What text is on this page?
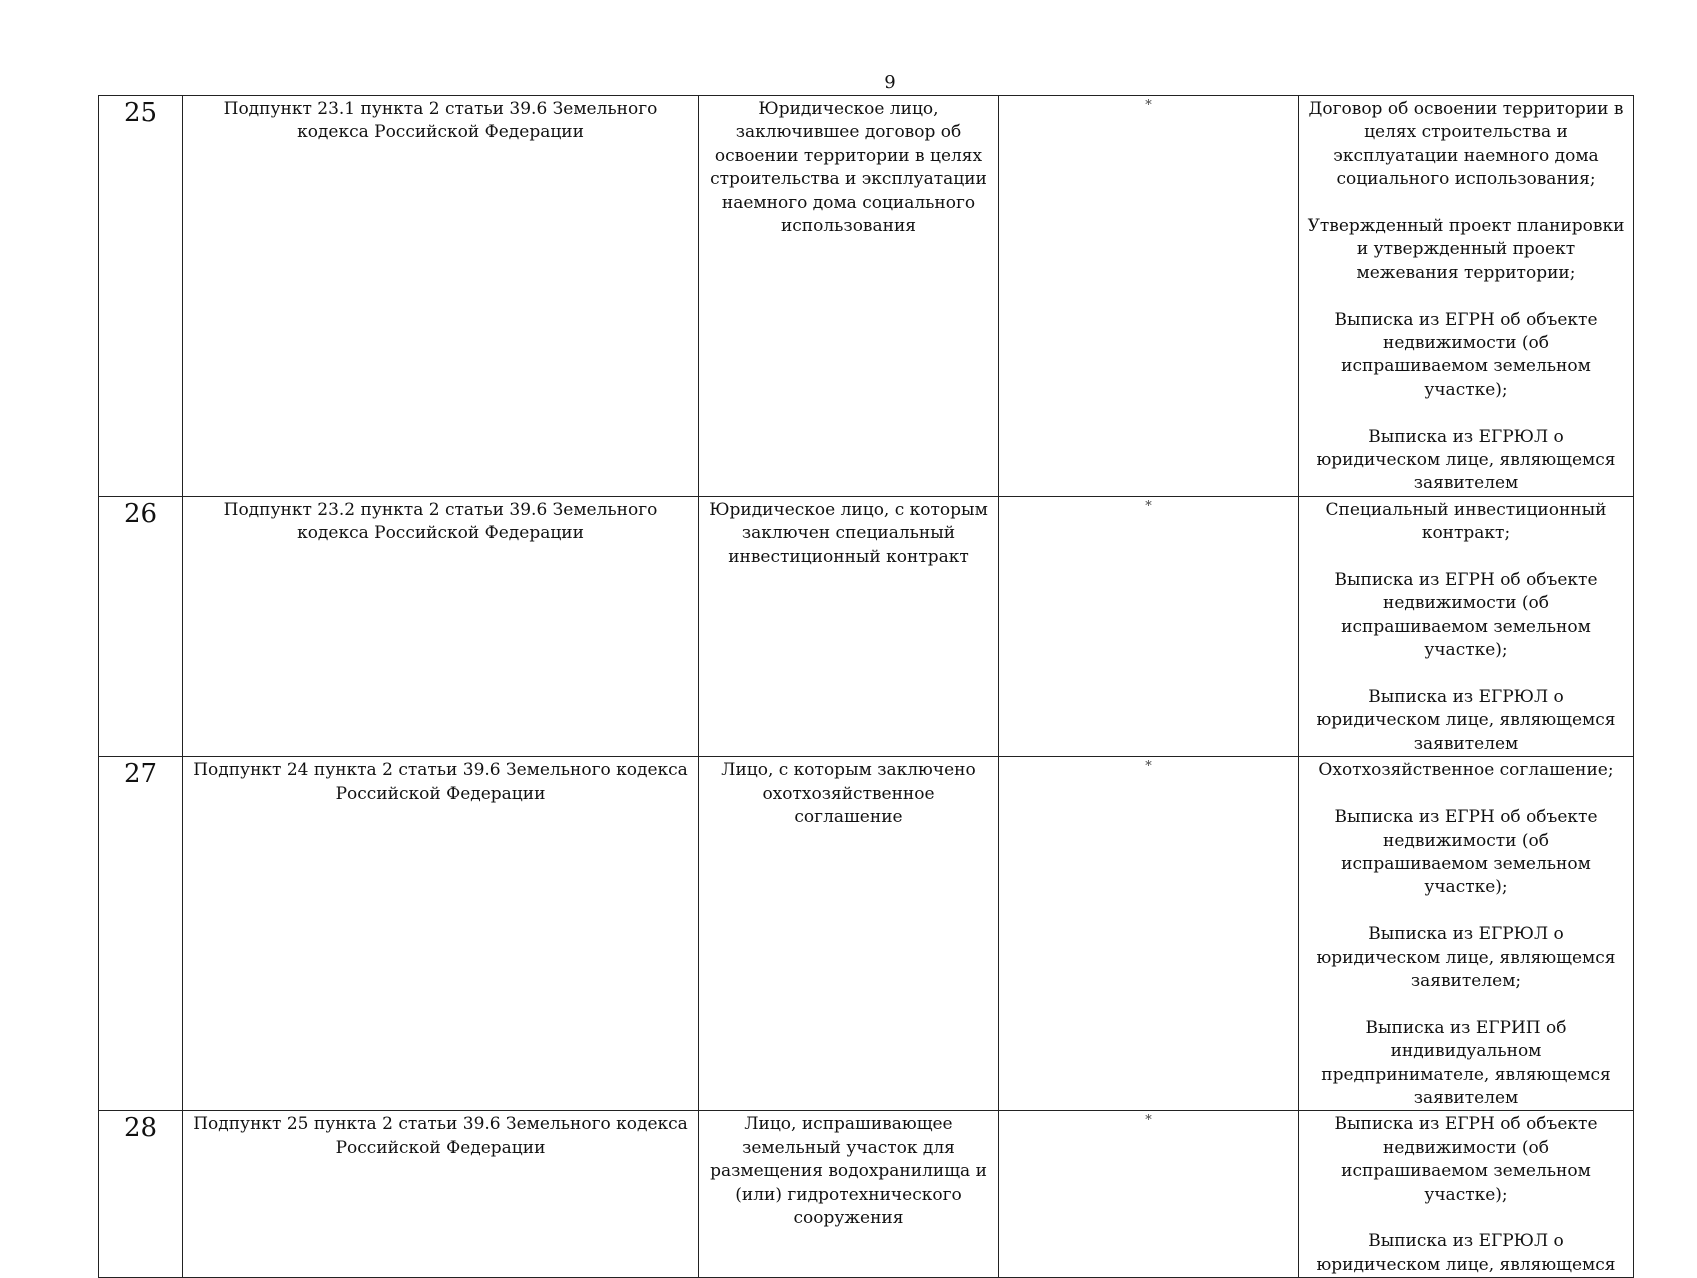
9
25	Подпункт 23.1 пункта 2 статьи 39.6 Земельного кодекса Российской Федерации	Юридическое лицо, заключившее договор об освоении территории в целях строительства и эксплуатации наемного дома социального использования	*	Договор об освоении территории в целях строительства и эксплуатации наемного дома социального использования;
Утвержденный проект планировки и утвержденный проект межевания территории;
Выписка из ЕГРН об объекте недвижимости (об испрашиваемом земельном участке);
Выписка из ЕГРЮЛ о юридическом лице, являющемся заявителем

26	Подпункт 23.2 пункта 2 статьи 39.6 Земельного кодекса Российской Федерации	Юридическое лицо, с которым заключен специальный инвестиционный контракт	*	Специальный инвестиционный контракт;
Выписка из ЕГРН об объекте недвижимости (об испрашиваемом земельном участке);
Выписка из ЕГРЮЛ о юридическом лице, являющемся заявителем

27	Подпункт 24 пункта 2 статьи 39.6 Земельного кодекса Российской Федерации	Лицо, с которым заключено охотхозяйственное соглашение	*	Охотхозяйственное соглашение;
Выписка из ЕГРН об объекте недвижимости (об испрашиваемом земельном участке);
Выписка из ЕГРЮЛ о юридическом лице, являющемся заявителем;
Выписка из ЕГРИП об индивидуальном предпринимателе, являющемся заявителем

28	Подпункт 25 пункта 2 статьи 39.6 Земельного кодекса Российской Федерации	Лицо, испрашивающее земельный участок для размещения водохранилища и (или) гидротехнического сооружения	*	Выписка из ЕГРН об объекте недвижимости (об испрашиваемом земельном участке);
Выписка из ЕГРЮЛ о юридическом лице, являющемся
